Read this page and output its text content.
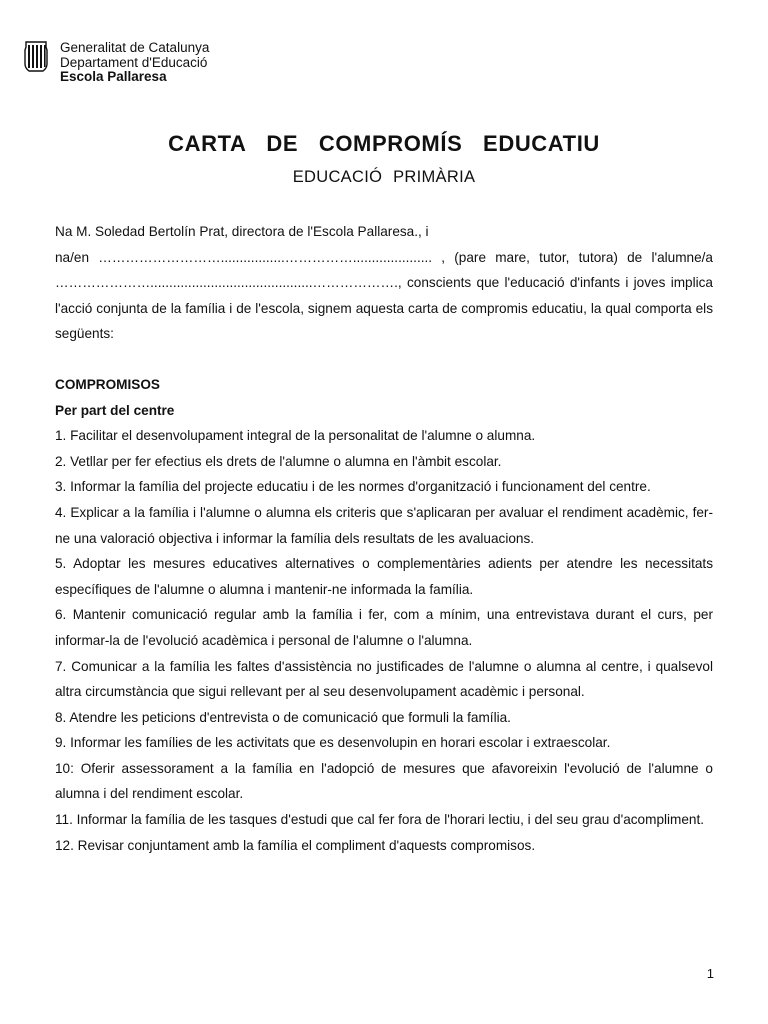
Generalitat de Catalunya
Departament d'Educació
Escola Pallaresa
CARTA DE COMPROMÍS EDUCATIU
EDUCACIÓ PRIMÀRIA

Na M. Soledad Bertolín Prat, directora de l'Escola Pallaresa., i

na/en ……………………….................……………..................... , (pare mare, tutor, tutora) de l'alumne/a

…………………...........................................………………., conscients que l'educació d'infants i joves implica l'acció conjunta de la família i de l'escola, signem aquesta carta de compromis educatiu, la qual comporta els següents:

COMPROMISOS

Per part del centre

1. Facilitar el desenvolupament integral de la personalitat de l'alumne o alumna.

2. Vetllar per fer efectius els drets de l'alumne o alumna en l'àmbit escolar.

3. Informar la família del projecte educatiu i de les normes d'organització i funcionament del centre.

4. Explicar a la família i l'alumne o alumna els criteris que s'aplicaran per avaluar el rendiment acadèmic, fer-ne una valoració objectiva i informar la família dels resultats de les avaluacions.

5. Adoptar les mesures educatives alternatives o complementàries adients per atendre les necessitats específiques de l'alumne o alumna i mantenir-ne informada la família.

6. Mantenir comunicació regular amb la família i fer, com a mínim, una entrevistava durant el curs, per informar-la de l'evolució acadèmica i personal de l'alumne o l'alumna.

7. Comunicar a la família les faltes d'assistència no justificades de l'alumne o alumna al centre, i qualsevol altra circumstància que sigui rellevant per al seu desenvolupament acadèmic i personal.

8. Atendre les peticions d'entrevista o de comunicació que formuli la família.

9. Informar les famílies de les activitats que es desenvolupin en horari escolar i extraescolar.

10: Oferir assessorament a la família en l'adopció de mesures que afavoreixin l'evolució de l'alumne o alumna i del rendiment escolar.

11. Informar la família de les tasques d'estudi que cal fer fora de l'horari lectiu, i del seu grau d'acompliment.

12. Revisar conjuntament amb la família el compliment d'aquests compromisos.

1
